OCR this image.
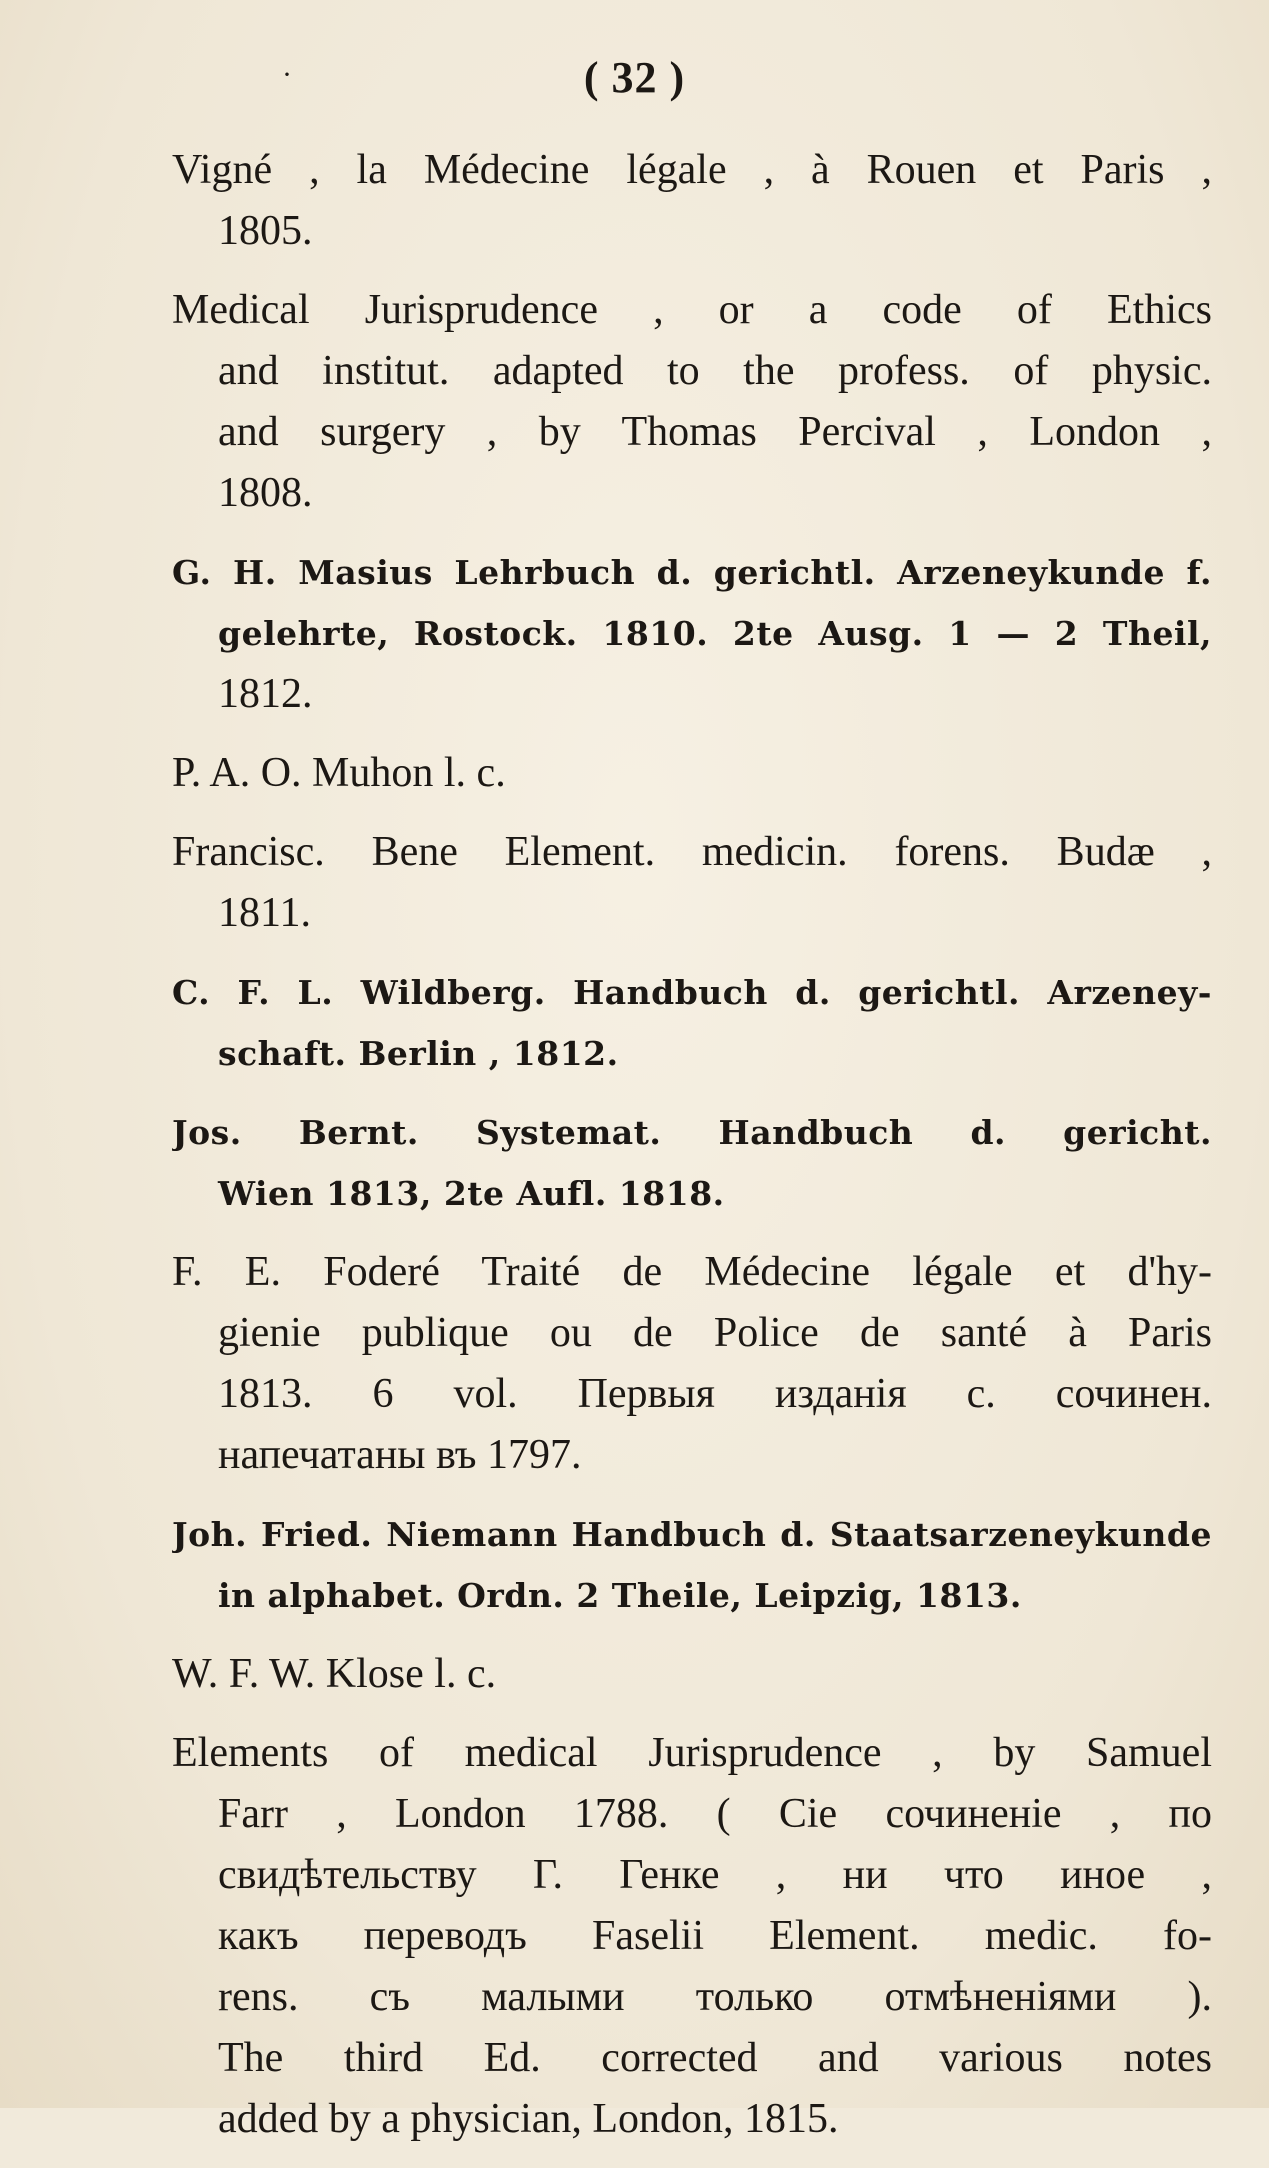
·	( 32 )
Vigné , la Médecine légale , à Rouen et Paris ,
1805.
Medical Jurisprudence , or a code of Ethics
and institut. adapted to the profess. of physic.
and surgery , by Thomas Percival , London ,
1808.
G. H. Masius Lehrbuch d. gerichtl. Arzeneykunde f.
gelehrte, Rostock. 1810. 2te Ausg. 1 — 2 Theil,
1812.
P. A. O. Muhon l. c.
Francisc. Bene Element. medicin. forens. Budæ ,
1811.
C. F. L. Wildberg. Handbuch d. gerichtl. Arzeney-
schaft. Berlin , 1812.
Jos. Bernt. Systemat. Handbuch d. gericht.
Wien 1813, 2te Aufl. 1818.
F. E. Foderé Traité de Médecine légale et d'hy-
gienie publique ou de Police de santé à Paris
1813. 6 vol. Первыя изданія с. сочинен.
напечатаны въ 1797.
Joh. Fried. Niemann Handbuch d. Staatsarzeneykunde
in alphabet. Ordn. 2 Theile, Leipzig, 1813.
W. F. W. Klose l. c.
Elements of medical Jurisprudence , by Samuel
Farr , London 1788. ( Сіе сочиненіе , по
свидѣтельству Г. Генке , ни что иное ,
какъ переводъ Faselii Element. medic. fo-
rens. съ малыми только отмѣненіями ).
The third Ed. corrected and various notes
added by a physician, London, 1815.
